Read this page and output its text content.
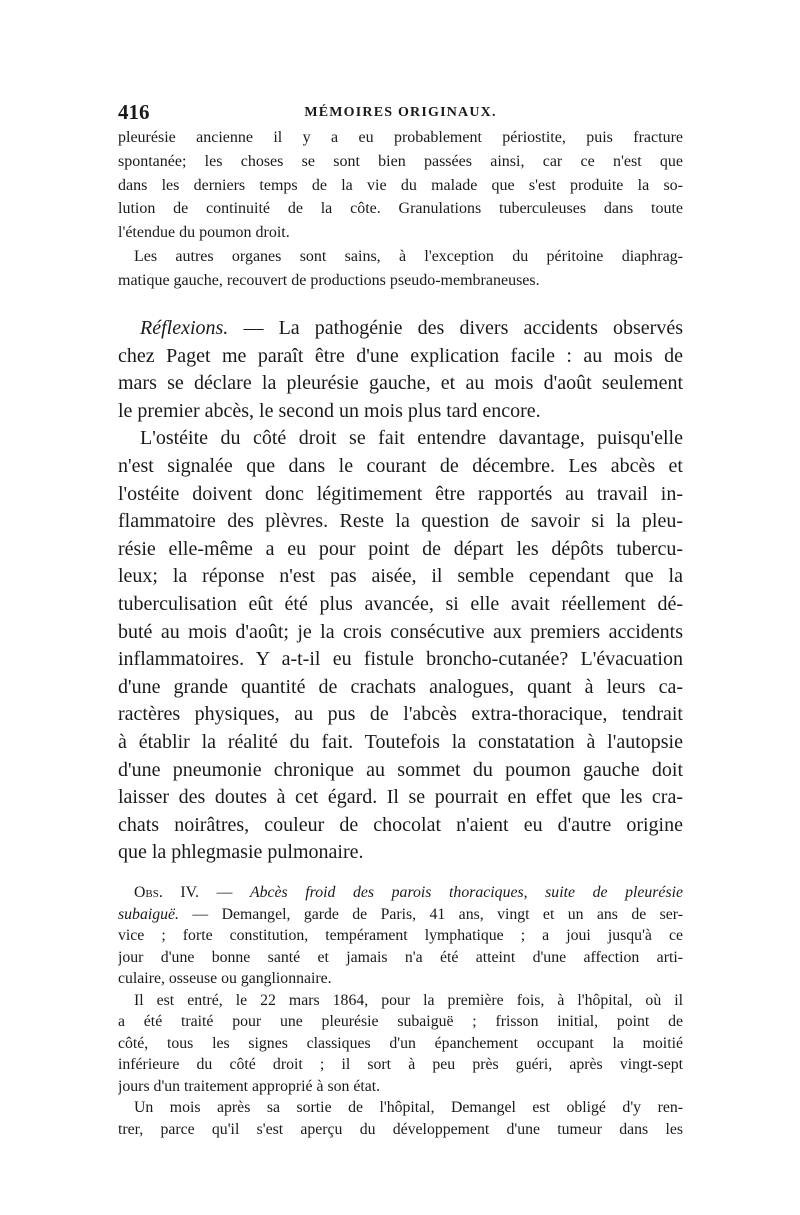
416	MÉMOIRES ORIGINAUX.
pleurésie ancienne il y a eu probablement périostite, puis fracture
spontanée; les choses se sont bien passées ainsi, car ce n'est que
dans les derniers temps de la vie du malade que s'est produite la so-
lution de continuité de la côte. Granulations tuberculeuses dans toute
l'étendue du poumon droit.
Les autres organes sont sains, à l'exception du péritoine diaphrag-
matique gauche, recouvert de productions pseudo-membraneuses.
Réflexions. — La pathogénie des divers accidents observés
chez Paget me paraît être d'une explication facile : au mois de
mars se déclare la pleurésie gauche, et au mois d'août seulement
le premier abcès, le second un mois plus tard encore.
L'ostéite du côté droit se fait entendre davantage, puisqu'elle
n'est signalée que dans le courant de décembre. Les abcès et
l'ostéite doivent donc légitimement être rapportés au travail in-
flammatoire des plèvres. Reste la question de savoir si la pleu-
résie elle-même a eu pour point de départ les dépôts tubercu-
leux; la réponse n'est pas aisée, il semble cependant que la
tuberculisation eût été plus avancée, si elle avait réellement dé-
buté au mois d'août; je la crois consécutive aux premiers accidents
inflammatoires. Y a-t-il eu fistule broncho-cutanée? L'évacuation
d'une grande quantité de crachats analogues, quant à leurs ca-
ractères physiques, au pus de l'abcès extra-thoracique, tendrait
à établir la réalité du fait. Toutefois la constatation à l'autopsie
d'une pneumonie chronique au sommet du poumon gauche doit
laisser des doutes à cet égard. Il se pourrait en effet que les cra-
chats noirâtres, couleur de chocolat n'aient eu d'autre origine
que la phlegmasie pulmonaire.
Obs. IV. — Abcès froid des parois thoraciques, suite de pleurésie
subaiguë. — Demangel, garde de Paris, 41 ans, vingt et un ans de ser-
vice ; forte constitution, tempérament lymphatique ; a joui jusqu'à ce
jour d'une bonne santé et jamais n'a été atteint d'une affection arti-
culaire, osseuse ou ganglionnaire.
Il est entré, le 22 mars 1864, pour la première fois, à l'hôpital, où il
a été traité pour une pleurésie subaiguë ; frisson initial, point de
côté, tous les signes classiques d'un épanchement occupant la moitié
inférieure du côté droit ; il sort à peu près guéri, après vingt-sept
jours d'un traitement approprié à son état.
Un mois après sa sortie de l'hôpital, Demangel est obligé d'y ren-
trer, parce qu'il s'est aperçu du développement d'une tumeur dans les
